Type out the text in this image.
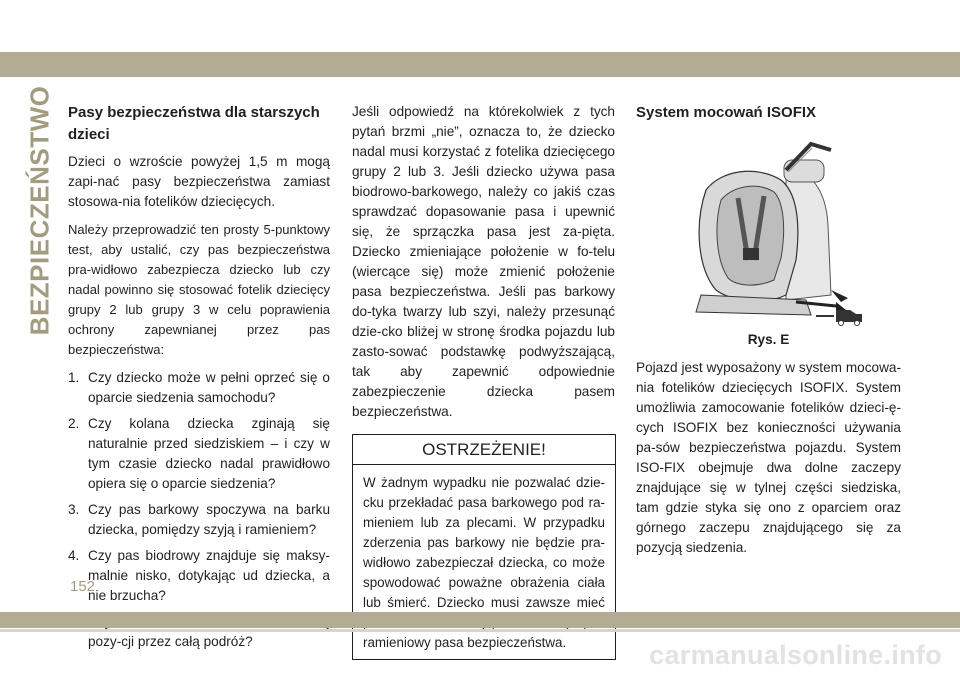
BEZPIECZEŃSTWO Pasy bezpieczeństwa dla starszych dzieci

Dzieci o wzroście powyżej 1,5 m mogą zapi-nać pasy bezpieczeństwa zamiast stosowa-nia fotelików dziecięcych.

Należy przeprowadzić ten prosty 5-punktowy test, aby ustalić, czy pas bezpieczeństwa pra-widłowo zabezpiecza dziecko lub czy nadal powinno się stosować fotelik dziecięcy grupy 2 lub grupy 3 w celu poprawienia ochrony zapewnianej przez pas bezpieczeństwa:

1. Czy dziecko może w pełni oprzeć się o oparcie siedzenia samochodu?
2. Czy kolana dziecka zginają się naturalnie przed siedziskiem – i czy w tym czasie dziecko nadal prawidłowo opiera się o oparcie siedzenia?
3. Czy pas barkowy spoczywa na barku dziecka, pomiędzy szyją i ramieniem?
4. Czy pas biodrowy znajduje się maksy-malnie nisko, dotykając ud dziecka, a nie brzucha?
pozy-cji przez całą podróż?

Jeśli odpowiedź na którekolwiek z tych pytań brzmi „nie”, oznacza to, że dziecko nadal musi korzystać z fotelika dziecięcego grupy 2 lub 3. Jeśli dziecko używa pasa biodrowo-barkowego, należy co jakiś czas sprawdzać dopasowanie pasa i upewnić się, że sprzączka pasa jest za-pięta. Dziecko zmieniające położenie w fo-telu (wiercące się) może zmienić położenie pasa bezpieczeństwa. Jeśli pas barkowy do-tyka twarzy lub szyi, należy przesunąć dzie-cko bliżej w stronę środka pojazdu lub zasto-sować podstawkę podwyższającą, tak aby zapewnić odpowiednie zabezpieczenie dziecka pasem bezpieczeństwa.

OSTRZEŻENIE!
W żadnym wypadku nie pozwalać dzie-cku przekładać pasa barkowego pod ra-mieniem lub za plecami. W przypadku zderzenia pas barkowy nie będzie pra-widłowo zabezpieczał dziecka, co może spowodować poważne obrażenia ciała lub śmierć. Dziecko musi zawsze mieć ramieniowy pasa bezpieczeństwa.
System mocowań ISOFIX

Rys. E

Pojazd jest wyposażony w system mocowa-nia fotelików dziecięcych ISOFIX. System umożliwia zamocowanie fotelików dzieci-ę-cych ISOFIX bez konieczności używania pa-sów bezpieczeństwa pojazdu. System ISO-FIX obejmuje dwa dolne zaczepy znajdujące się w tylnej części siedziska, tam gdzie styka się ono z oparciem oraz górnego zaczepu znajdującego się za pozycją siedzenia.

152
carmanualsonline.info
